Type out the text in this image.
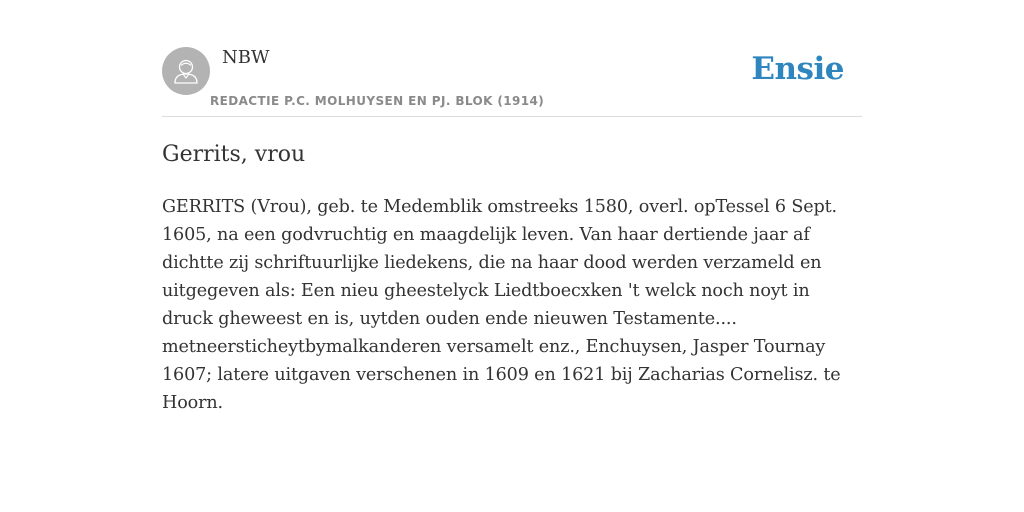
NBW
REDACTIE P.C. MOLHUYSEN EN PJ. BLOK (1914)
Ensie
Gerrits, vrou

GERRITS (Vrou), geb. te Medemblik omstreeks 1580, overl. opTessel 6 Sept. 1605, na een godvruchtig en maagdelijk leven. Van haar dertiende jaar af dichtte zij schriftuurlijke liedekens, die na haar dood werden verzameld en uitgegeven als: Een nieu gheestelyck Liedtboecxken 't welck noch noyt in druck gheweest en is, uytden ouden ende nieuwen Testamente.... metneersticheytbymalkanderen versamelt enz., Enchuysen, Jasper Tournay 1607; latere uitgaven verschenen in 1609 en 1621 bij Zacharias Cornelisz. te Hoorn.
